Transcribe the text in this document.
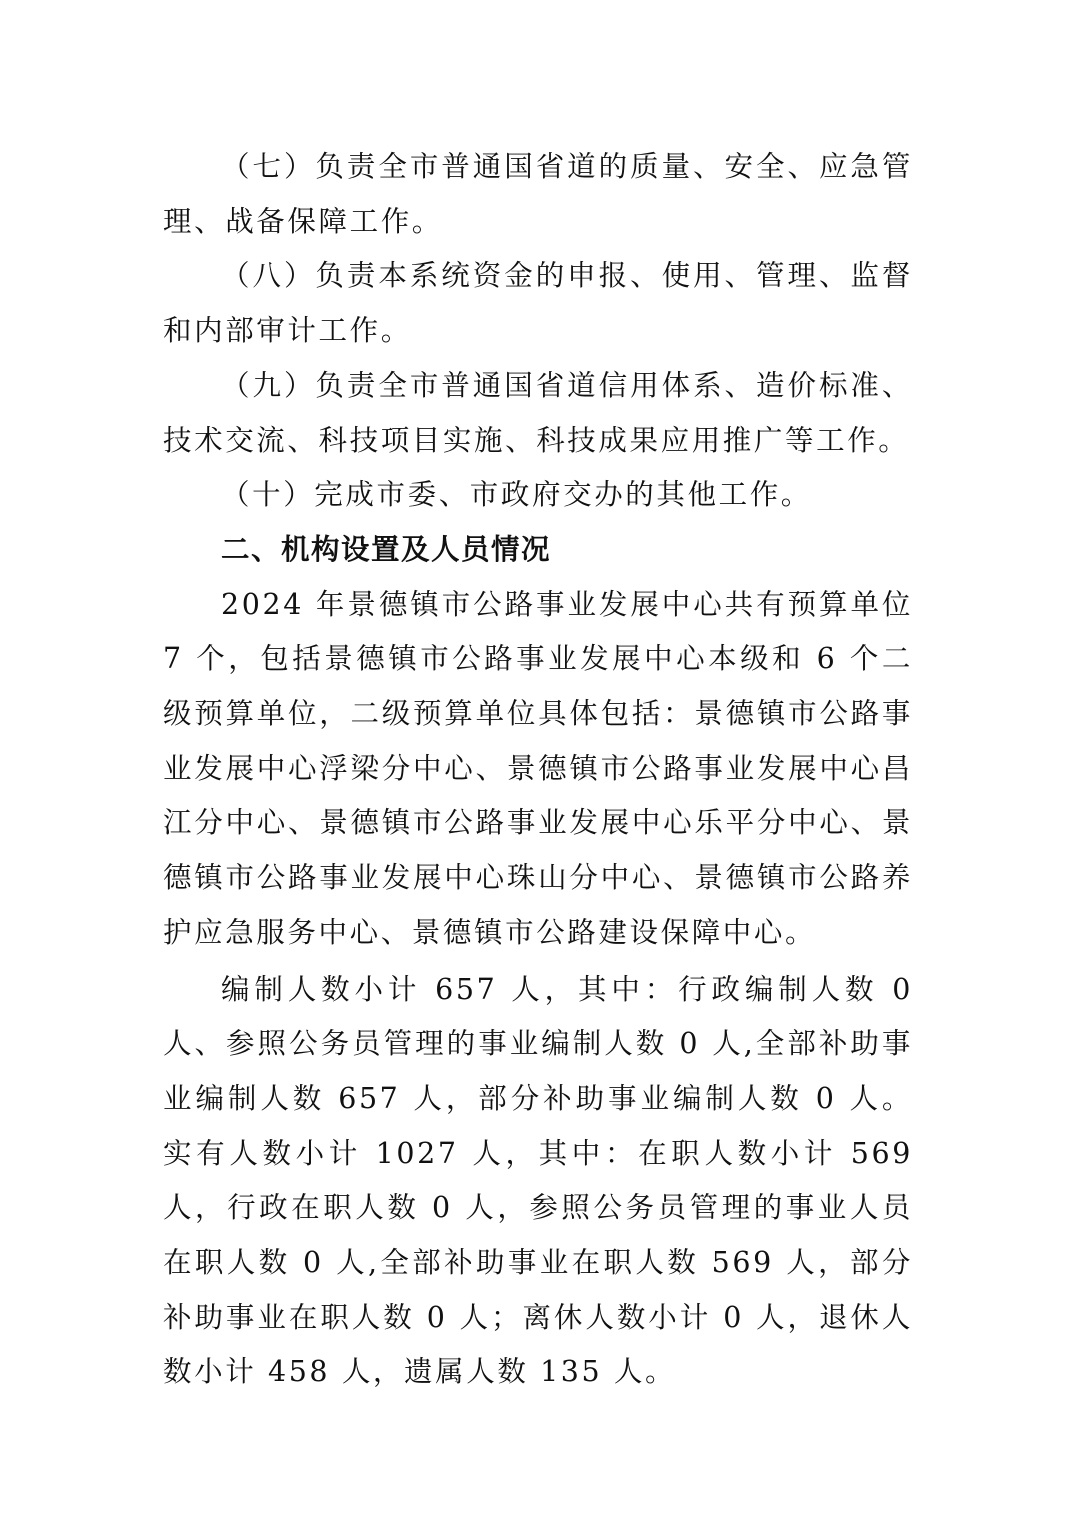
（七）负责全市普通国省道的质量、安全、应急管理、战备保障工作。

（八）负责本系统资金的申报、使用、管理、监督和内部审计工作。

（九）负责全市普通国省道信用体系、造价标准、技术交流、科技项目实施、科技成果应用推广等工作。

（十）完成市委、市政府交办的其他工作。

二、机构设置及人员情况

2024 年景德镇市公路事业发展中心共有预算单位 7 个，包括景德镇市公路事业发展中心本级和 6 个二级预算单位，二级预算单位具体包括：景德镇市公路事业发展中心浮梁分中心、景德镇市公路事业发展中心昌江分中心、景德镇市公路事业发展中心乐平分中心、景德镇市公路事业发展中心珠山分中心、景德镇市公路养护应急服务中心、景德镇市公路建设保障中心。

编制人数小计 657 人，其中：行政编制人数 0 人、参照公务员管理的事业编制人数 0 人,全部补助事业编制人数 657 人，部分补助事业编制人数 0 人。实有人数小计 1027 人，其中：在职人数小计 569 人，行政在职人数 0 人，参照公务员管理的事业人员在职人数 0 人,全部补助事业在职人数 569 人，部分补助事业在职人数 0 人；离休人数小计 0 人，退休人数小计 458 人，遗属人数 135 人。
